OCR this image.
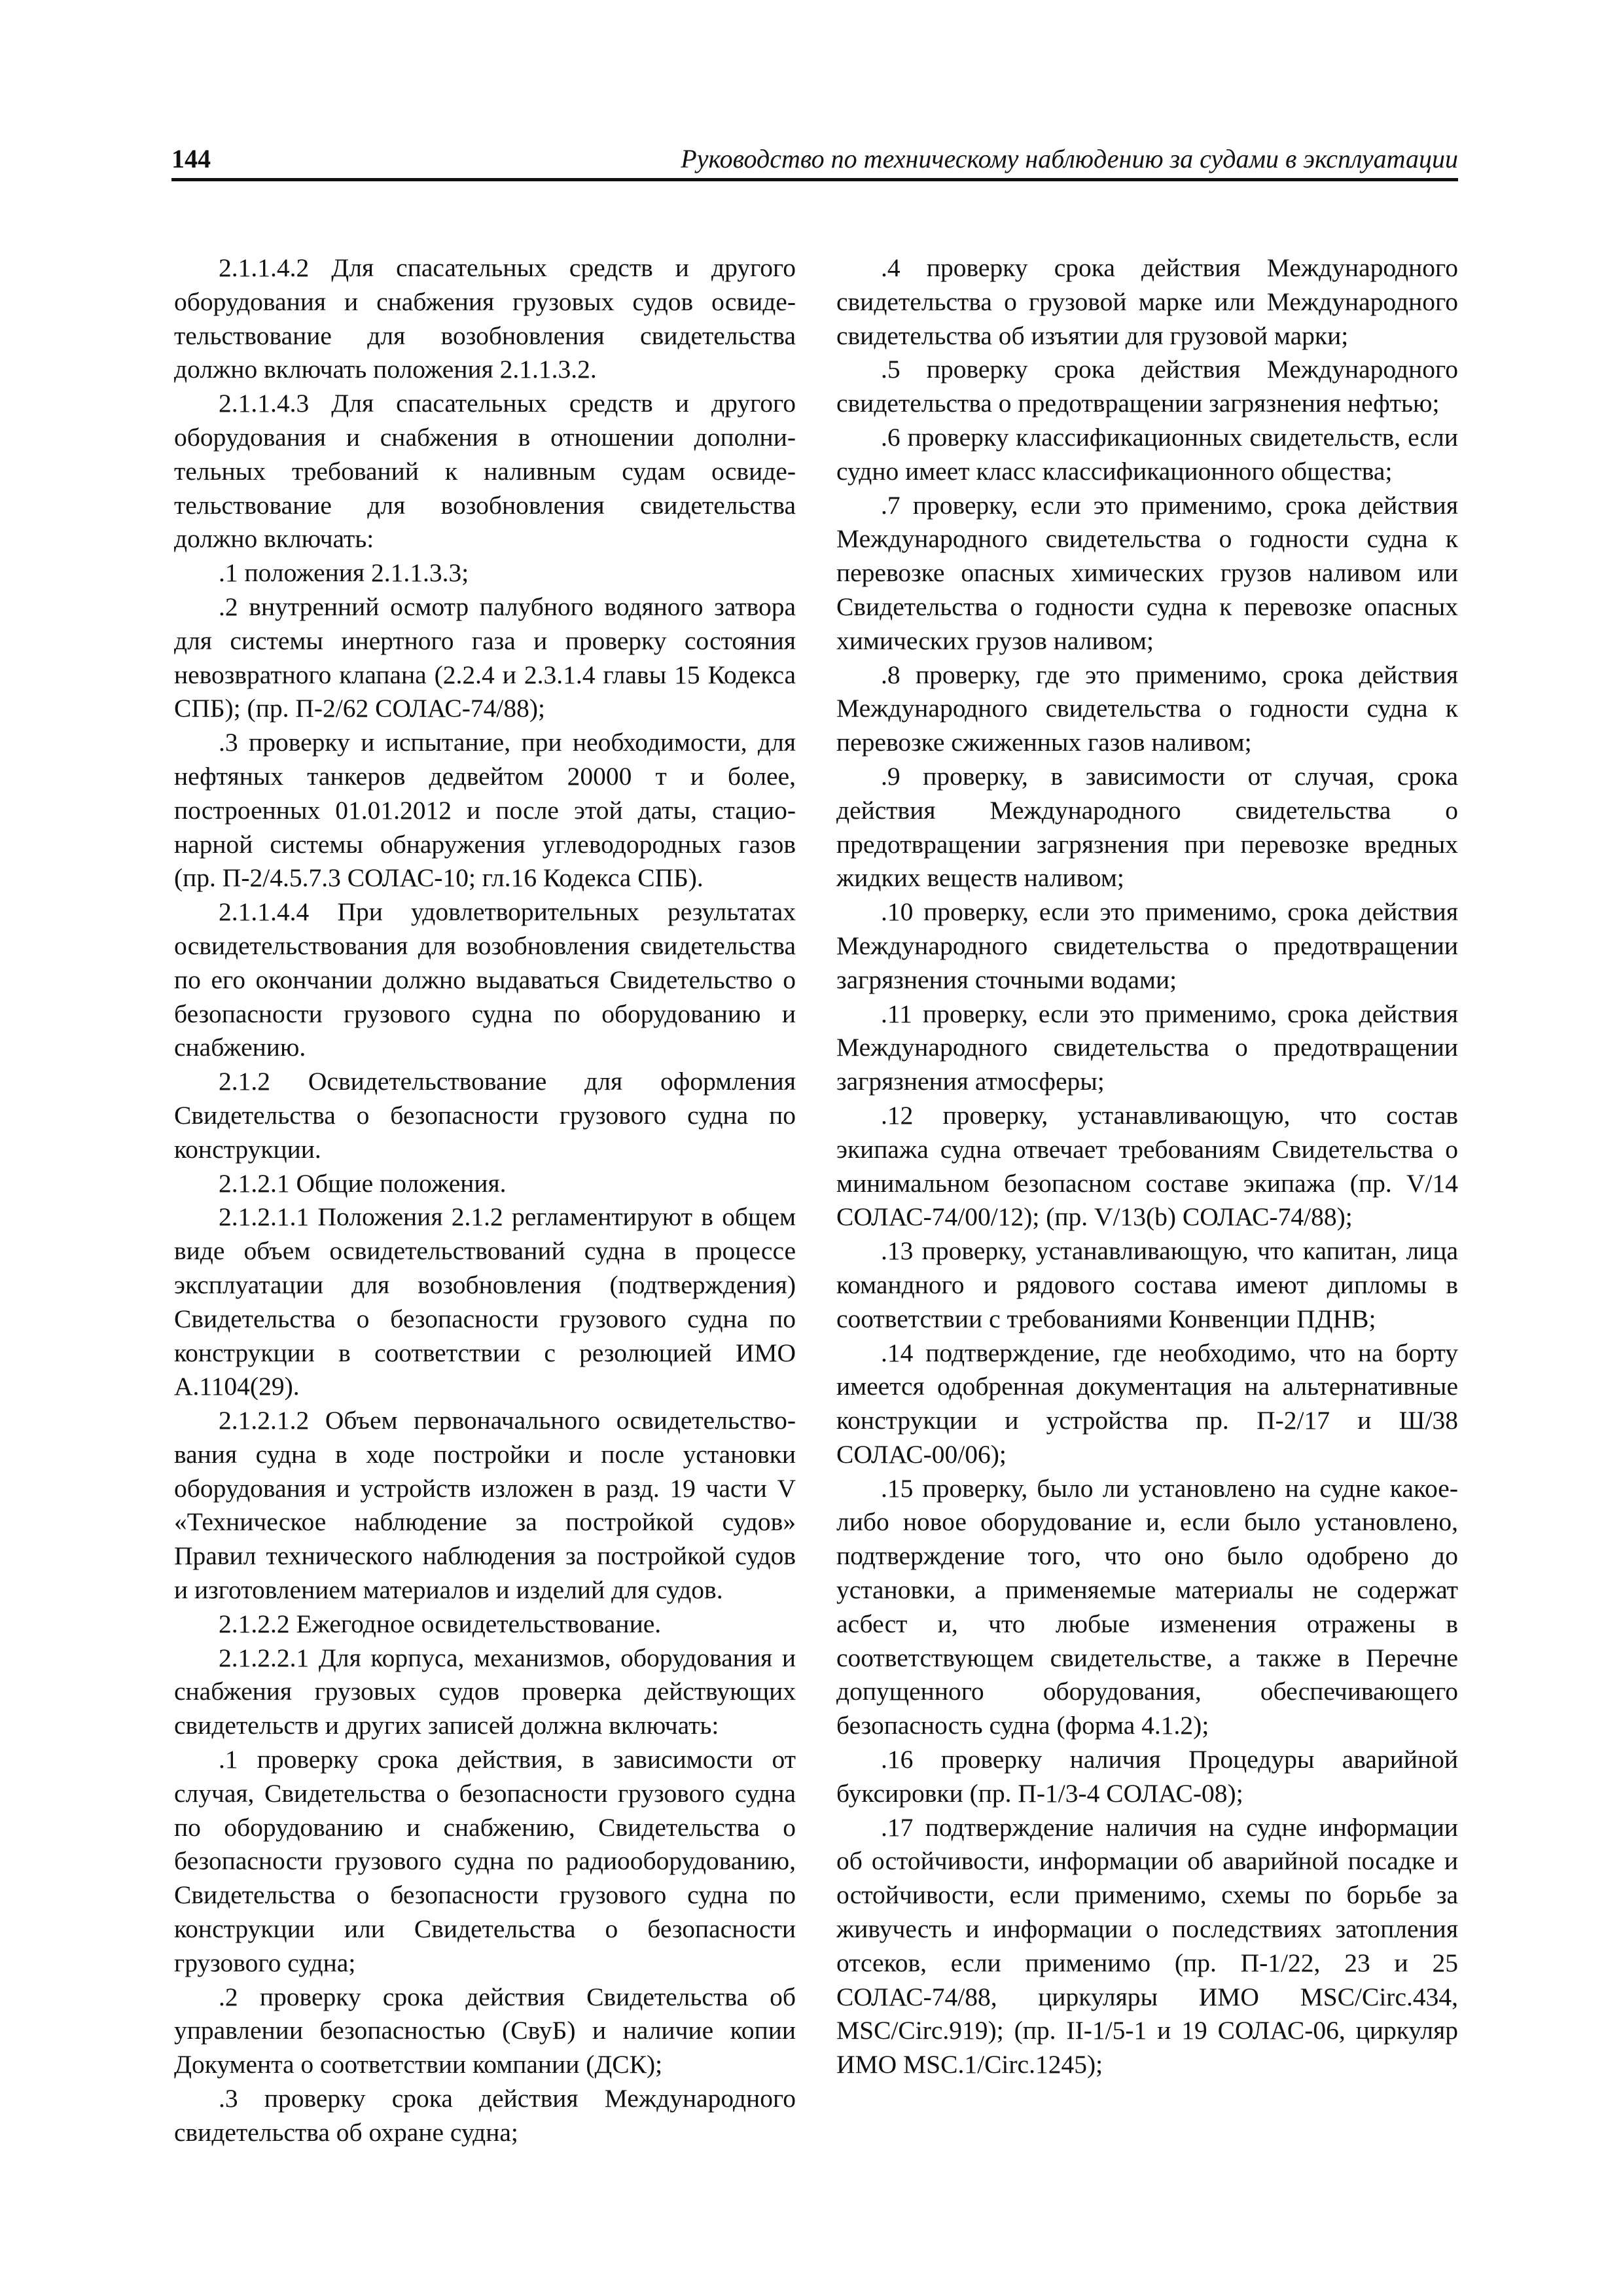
144	Руководство по техническому наблюдению за судами в эксплуатации

2.1.1.4.2 Для спасательных средств и другого оборудования и снабжения грузовых судов освидетельствование для возобновления свидетельства должно включать положения 2.1.1.3.2.

2.1.1.4.3 Для спасательных средств и другого оборудования и снабжения в отношении дополнительных требований к наливным судам освидетельствование для возобновления свидетельства должно включать:

.1 положения 2.1.1.3.3;

.2 внутренний осмотр палубного водяного затвора для системы инертного газа и проверку состояния невозвратного клапана (2.2.4 и 2.3.1.4 главы 15 Кодекса СПБ); (пр. П-2/62 СОЛАС-74/88);

.3 проверку и испытание, при необходимости, для нефтяных танкеров дедвейтом 20000 т и более, построенных 01.01.2012 и после этой даты, стационарной системы обнаружения углеводородных газов (пр. П-2/4.5.7.3 СОЛАС-10; гл.16 Кодекса СПБ).

2.1.1.4.4 При удовлетворительных результатах освидетельствования для возобновления свидетельства по его окончании должно выдаваться Свидетельство о безопасности грузового судна по оборудованию и снабжению.

2.1.2 Освидетельствование для оформления Свидетельства о безопасности грузового судна по конструкции.

2.1.2.1 Общие положения.

2.1.2.1.1 Положения 2.1.2 регламентируют в общем виде объем освидетельствований судна в процессе эксплуатации для возобновления (подтверждения) Свидетельства о безопасности грузового судна по конструкции в соответствии с резолюцией ИМО А.1104(29).

2.1.2.1.2 Объем первоначального освидетельствования судна в ходе постройки и после установки оборудования и устройств изложен в разд. 19 части V «Техническое наблюдение за постройкой судов» Правил технического наблюдения за постройкой судов и изготовлением материалов и изделий для судов.

2.1.2.2 Ежегодное освидетельствование.

2.1.2.2.1 Для корпуса, механизмов, оборудования и снабжения грузовых судов проверка действующих свидетельств и других записей должна включать:

.1 проверку срока действия, в зависимости от случая, Свидетельства о безопасности грузового судна по оборудованию и снабжению, Свидетельства о безопасности грузового судна по радиооборудованию, Свидетельства о безопасности грузового судна по конструкции или Свидетельства о безопасности грузового судна;

.2 проверку срока действия Свидетельства об управлении безопасностью (СвуБ) и наличие копии Документа о соответствии компании (ДСК);

.3 проверку срока действия Международного свидетельства об охране судна;

.4 проверку срока действия Международного свидетельства о грузовой марке или Международного свидетельства об изъятии для грузовой марки;

.5 проверку срока действия Международного свидетельства о предотвращении загрязнения нефтью;

.6 проверку классификационных свидетельств, если судно имеет класс классификационного общества;

.7 проверку, если это применимо, срока действия Международного свидетельства о годности судна к перевозке опасных химических грузов наливом или Свидетельства о годности судна к перевозке опасных химических грузов наливом;

.8 проверку, где это применимо, срока действия Международного свидетельства о годности судна к перевозке сжиженных газов наливом;

.9 проверку, в зависимости от случая, срока действия Международного свидетельства о предотвращении загрязнения при перевозке вредных жидких веществ наливом;

.10 проверку, если это применимо, срока действия Международного свидетельства о предотвращении загрязнения сточными водами;

.11 проверку, если это применимо, срока действия Международного свидетельства о предотвращении загрязнения атмосферы;

.12 проверку, устанавливающую, что состав экипажа судна отвечает требованиям Свидетельства о минимальном безопасном составе экипажа (пр. V/14 СОЛАС-74/00/12); (пр. V/13(b) СОЛАС-74/88);

.13 проверку, устанавливающую, что капитан, лица командного и рядового состава имеют дипломы в соответствии с требованиями Конвенции ПДНВ;

.14 подтверждение, где необходимо, что на борту имеется одобренная документация на альтернативные конструкции и устройства пр. П-2/17 и Ш/38 СОЛАС-00/06);

.15 проверку, было ли установлено на судне какое-либо новое оборудование и, если было установлено, подтверждение того, что оно было одобрено до установки, а применяемые материалы не содержат асбест и, что любые изменения отражены в соответствующем свидетельстве, а также в Перечне допущенного оборудования, обеспечивающего безопасность судна (форма 4.1.2);

.16 проверку наличия Процедуры аварийной буксировки (пр. П-1/3-4 СОЛАС-08);

.17 подтверждение наличия на судне информации об остойчивости, информации об аварийной посадке и остойчивости, если применимо, схемы по борьбе за живучесть и информации о последствиях затопления отсеков, если применимо (пр. П-1/22, 23 и 25 СОЛАС-74/88, циркуляры ИМО MSC/Circ.434, MSC/Circ.919); (пр. II-1/5-1 и 19 СОЛАС-06, циркуляр ИМО MSC.1/Circ.1245);
